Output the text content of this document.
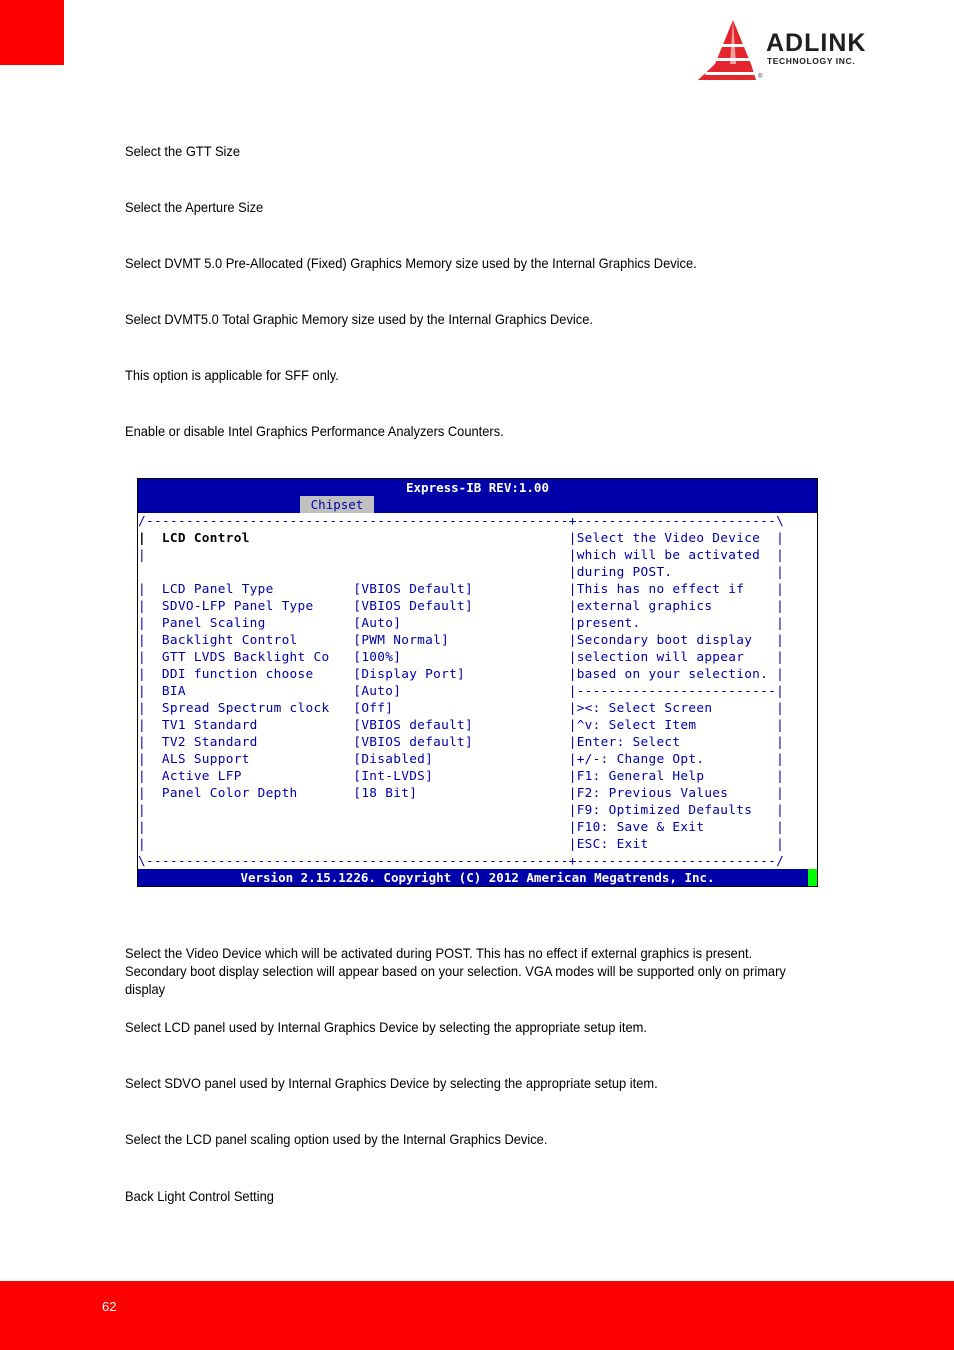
ADLINK
TECHNOLOGY INC.
®
Select the GTT Size
Select the Aperture Size
Select DVMT 5.0 Pre-Allocated (Fixed) Graphics Memory size used by the Internal Graphics Device.
Select DVMT5.0 Total Graphic Memory size used by the Internal Graphics Device.
This option is applicable for SFF only.
Enable or disable Intel Graphics Performance Analyzers Counters.
Express-IB REV:1.00
Chipset
/-----------------------------------------------------+-------------------------\
|  LCD Control                                        |Select the Video Device  |
|                                                     |which will be activated  |
|  Primary IGFX Boot Dis   [VBIOS Default]            |during POST.             |
|  LCD Panel Type          [VBIOS Default]            |This has no effect if    |
|  SDVO-LFP Panel Type     [VBIOS Default]            |external graphics        |
|  Panel Scaling           [Auto]                     |present.                 |
|  Backlight Control       [PWM Normal]               |Secondary boot display   |
|  GTT LVDS Backlight Co   [100%]                     |selection will appear    |
|  DDI function choose     [Display Port]             |based on your selection. |
|  BIA                     [Auto]                     |-------------------------|
|  Spread Spectrum clock   [Off]                      |><: Select Screen        |
|  TV1 Standard            [VBIOS default]            |^v: Select Item          |
|  TV2 Standard            [VBIOS default]            |Enter: Select            |
|  ALS Support             [Disabled]                 |+/-: Change Opt.         |
|  Active LFP              [Int-LVDS]                 |F1: General Help         |
|  Panel Color Depth       [18 Bit]                   |F2: Previous Values      |
|                                                     |F9: Optimized Defaults   |
|                                                     |F10: Save & Exit         |
|                                                     |ESC: Exit                |
\-----------------------------------------------------+-------------------------/
Version 2.15.1226. Copyright (C) 2012 American Megatrends, Inc.
Select the Video Device which will be activated during POST. This has no effect if external graphics is present. Secondary boot display selection will appear based on your selection. VGA modes will be supported only on primary display
Select LCD panel used by Internal Graphics Device by selecting the appropriate setup item.
Select SDVO panel used by Internal Graphics Device by selecting the appropriate setup item.
Select the LCD panel scaling option used by the Internal Graphics Device.
Back Light Control Setting
62
